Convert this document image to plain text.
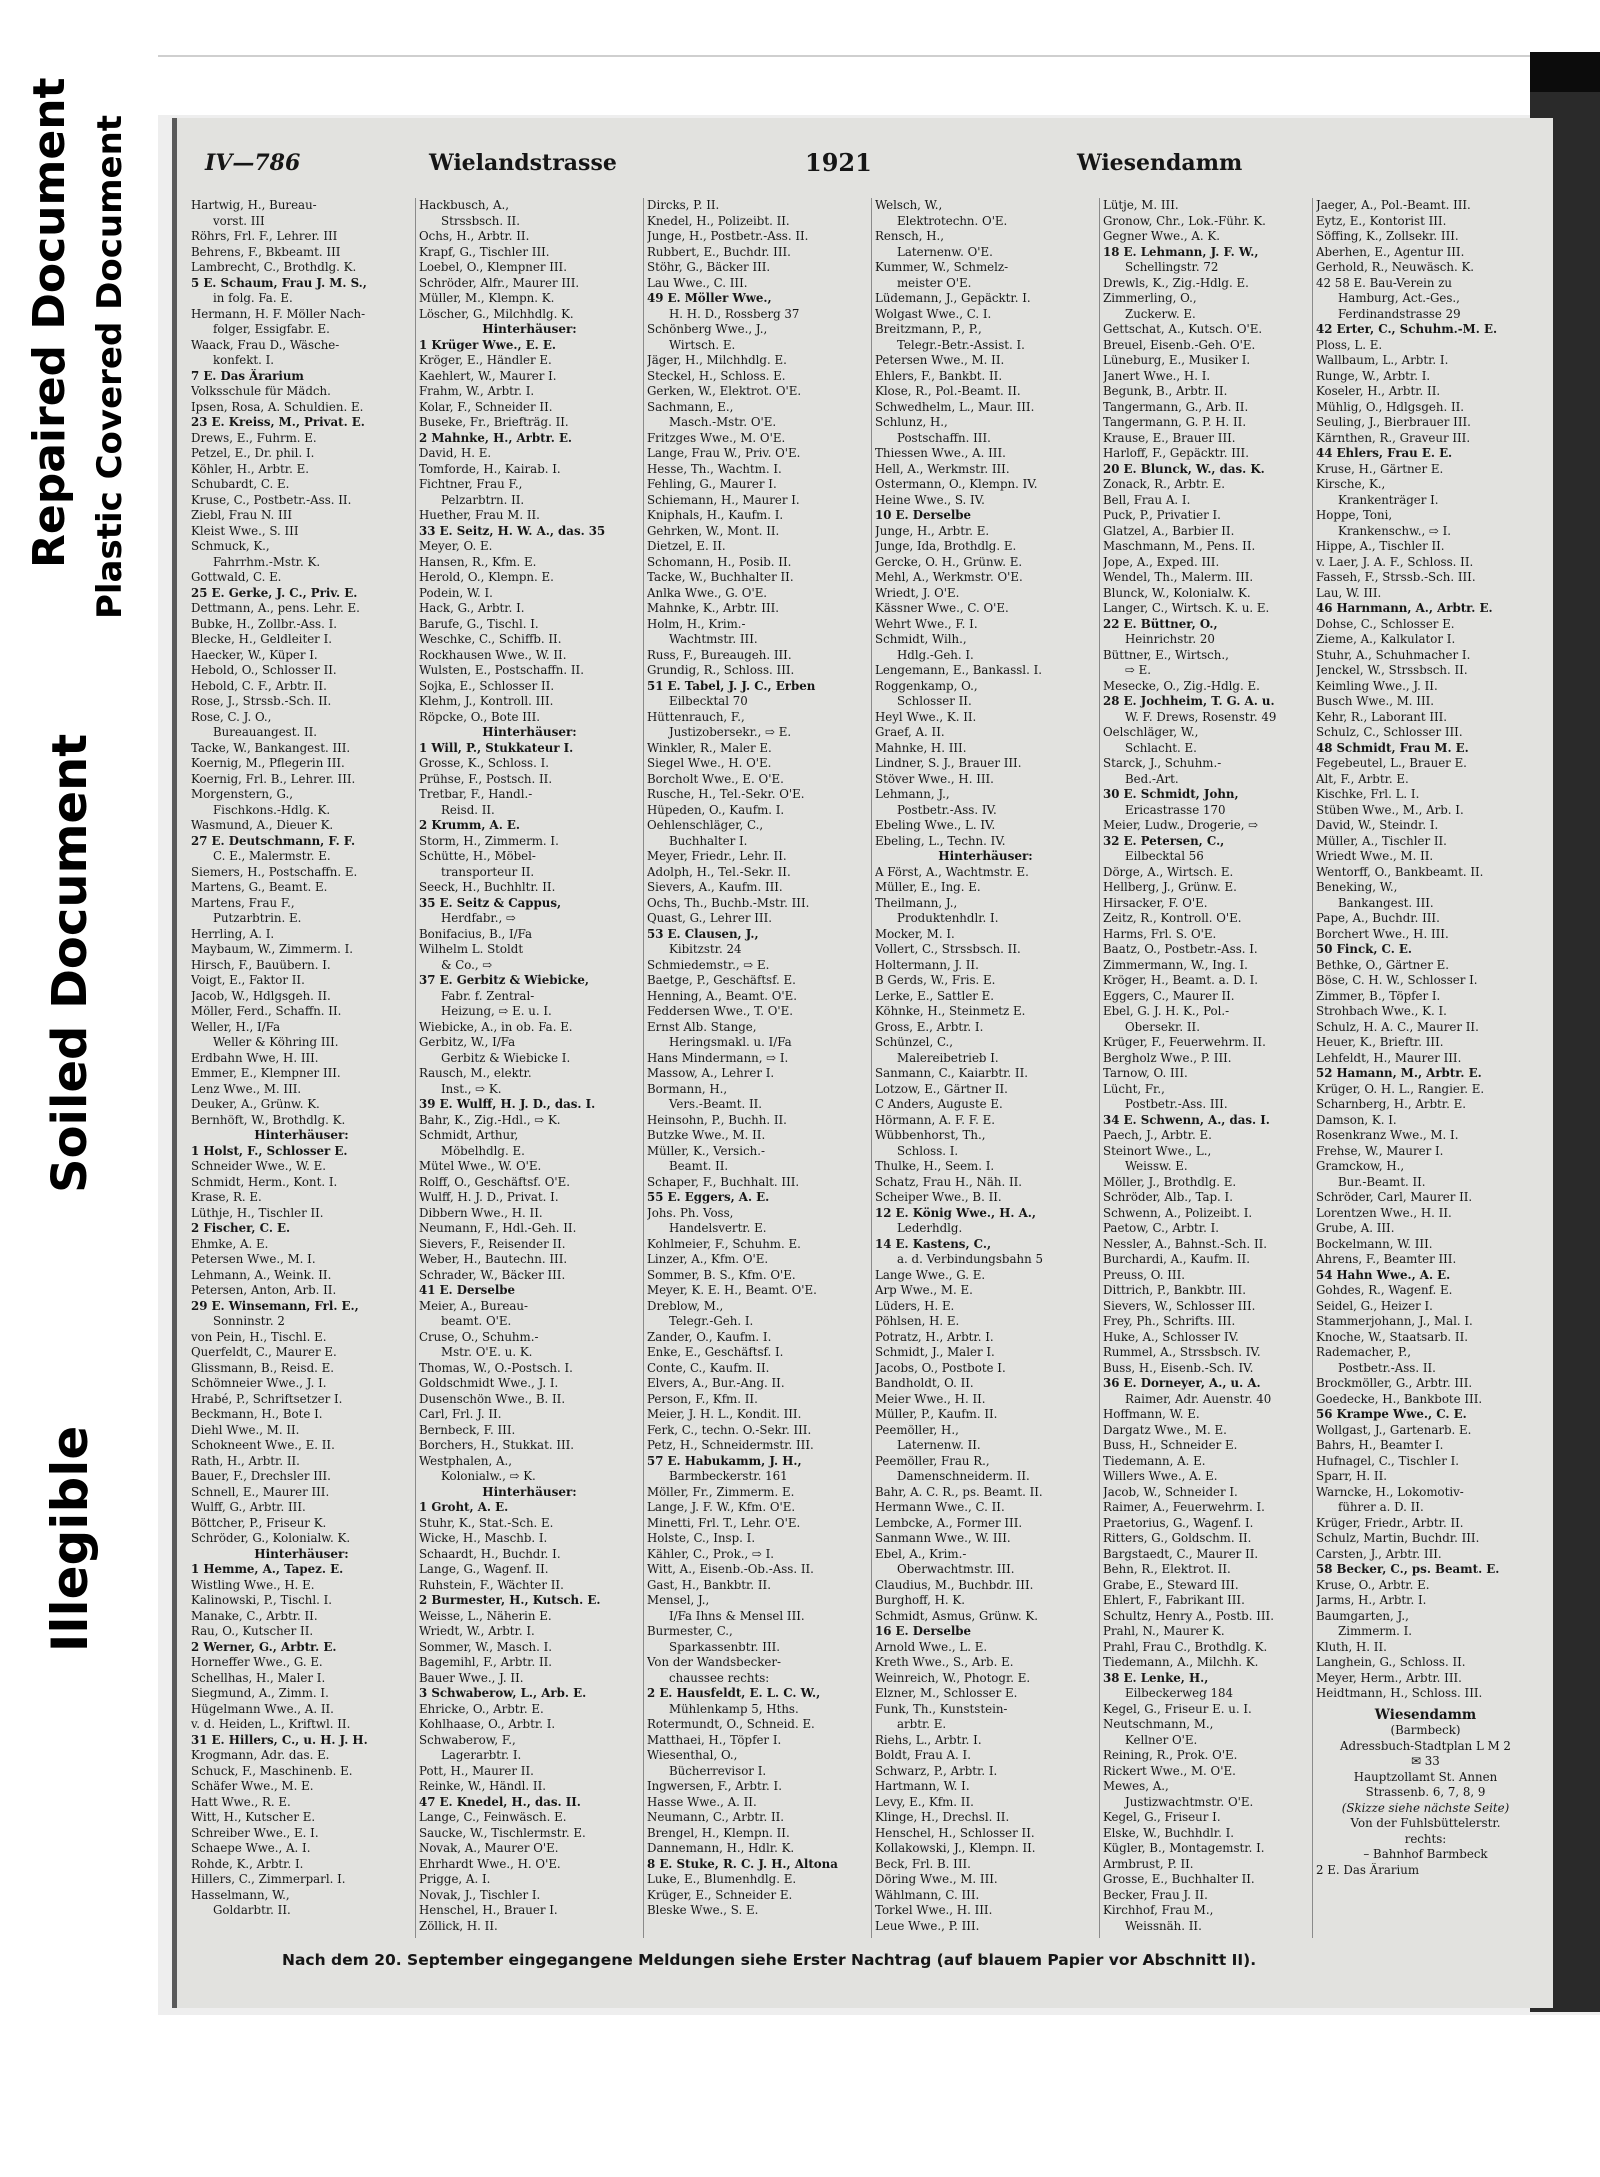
Repaired Document Plastic Covered Document
Soiled Document
Illegible
IV—786	Wielandstrasse	1921	Wiesendamm
Hartwig, H., Bureau-
vorst. III
Röhrs, Frl. F., Lehrer. III
Behrens, F., Bkbeamt. III
Lambrecht, C., Brothdlg. K.
5 E. Schaum, Frau J. M. S.,
in folg. Fa. E.
Hermann, H. F. Möller Nach-
folger, Essigfabr. E.
Waack, Frau D., Wäsche-
konfekt. I.
7 E. Das Ärarium
Volksschule für Mädch.
Ipsen, Rosa, A. Schuldien. E.
23 E. Kreiss, M., Privat. E.
Drews, E., Fuhrm. E.
Petzel, E., Dr. phil. I.
Köhler, H., Arbtr. E.
Schubardt, C. E.
Kruse, C., Postbetr.-Ass. II.
Ziebl, Frau N. III
Kleist Wwe., S. III
Schmuck, K.,
Fahrrhm.-Mstr. K.
Gottwald, C. E.
25 E. Gerke, J. C., Priv. E.
Dettmann, A., pens. Lehr. E.
Bubke, H., Zollbr.-Ass. I.
Blecke, H., Geldleiter I.
Haecker, W., Küper I.
Hebold, O., Schlosser II.
Hebold, C. F., Arbtr. II.
Rose, J., Strssb.-Sch. II.
Rose, C. J. O.,
Bureauangest. II.
Tacke, W., Bankangest. III.
Koernig, M., Pflegerin III.
Koernig, Frl. B., Lehrer. III.
Morgenstern, G.,
Fischkons.-Hdlg. K.
Wasmund, A., Dieuer K.
27 E. Deutschmann, F. F.
C. E., Malermstr. E.
Siemers, H., Postschaffn. E.
Martens, G., Beamt. E.
Martens, Frau F.,
Putzarbtrin. E.
Herrling, A. I.
Maybaum, W., Zimmerm. I.
Hirsch, F., Bauübern. I.
Voigt, E., Faktor II.
Jacob, W., Hdlgsgeh. II.
Möller, Ferd., Schaffn. II.
Weller, H., I/Fa
Weller & Köhring III.
Erdbahn Wwe, H. III.
Emmer, E., Klempner III.
Lenz Wwe., M. III.
Deuker, A., Grünw. K.
Bernhöft, W., Brothdlg. K.
Hinterhäuser:
1 Holst, F., Schlosser E.
Schneider Wwe., W. E.
Schmidt, Herm., Kont. I.
Krase, R. E.
Lüthje, H., Tischler II.
2 Fischer, C. E.
Ehmke, A. E.
Petersen Wwe., M. I.
Lehmann, A., Weink. II.
Petersen, Anton, Arb. II.
29 E. Winsemann, Frl. E.,
Sonninstr. 2
von Pein, H., Tischl. E.
Querfeldt, C., Maurer E.
Glissmann, B., Reisd. E.
Schömneier Wwe., J. I.
Hrabé, P., Schriftsetzer I.
Beckmann, H., Bote I.
Diehl Wwe., M. II.
Schokneent Wwe., E. II.
Rath, H., Arbtr. II.
Bauer, F., Drechsler III.
Schnell, E., Maurer III.
Wulff, G., Arbtr. III.
Böttcher, P., Friseur K.
Schröder, G., Kolonialw. K.
Hinterhäuser:
1 Hemme, A., Tapez. E.
Wistling Wwe., H. E.
Kalinowski, P., Tischl. I.
Manake, C., Arbtr. II.
Rau, O., Kutscher II.
2 Werner, G., Arbtr. E.
Horneffer Wwe., G. E.
Schellhas, H., Maler I.
Siegmund, A., Zimm. I.
Hügelmann Wwe., A. II.
v. d. Heiden, L., Kriftwl. II.
31 E. Hillers, C., u. H. J. H.
Krogmann, Adr. das. E.
Schuck, F., Maschinenb. E.
Schäfer Wwe., M. E.
Hatt Wwe., R. E.
Witt, H., Kutscher E.
Schreiber Wwe., E. I.
Schaepe Wwe., A. I.
Rohde, K., Arbtr. I.
Hillers, C., Zimmerparl. I.
Hasselmann, W.,
Goldarbtr. II.
Hackbusch, A.,
Strssbsch. II.
Ochs, H., Arbtr. II.
Krapf, G., Tischler III.
Loebel, O., Klempner III.
Schröder, Alfr., Maurer III.
Müller, M., Klempn. K.
Löscher, G., Milchhdlg. K.
Hinterhäuser:
1 Krüger Wwe., E. E.
Kröger, E., Händler E.
Kaehlert, W., Maurer I.
Frahm, W., Arbtr. I.
Kolar, F., Schneider II.
Buseke, Fr., Briefträg. II.
2 Mahnke, H., Arbtr. E.
David, H. E.
Tomforde, H., Kairab. I.
Fichtner, Frau F.,
Pelzarbtrn. II.
Huether, Frau M. II.
33 E. Seitz, H. W. A., das. 35
Meyer, O. E.
Hansen, R., Kfm. E.
Herold, O., Klempn. E.
Podein, W. I.
Hack, G., Arbtr. I.
Barufe, G., Tischl. I.
Weschke, C., Schiffb. II.
Rockhausen Wwe., W. II.
Wulsten, E., Postschaffn. II.
Sojka, E., Schlosser II.
Klehm, J., Kontroll. III.
Röpcke, O., Bote III.
Hinterhäuser:
1 Will, P., Stukkateur I.
Grosse, K., Schloss. I.
Prühse, F., Postsch. II.
Tretbar, F., Handl.-
Reisd. II.
2 Krumm, A. E.
Storm, H., Zimmerm. I.
Schütte, H., Möbel-
transporteur II.
Seeck, H., Buchhltr. II.
35 E. Seitz & Cappus,
Herdfabr., ⇨
Bonifacius, B., I/Fa
Wilhelm L. Stoldt
& Co., ⇨
37 E. Gerbitz & Wiebicke,
Fabr. f. Zentral-
Heizung, ⇨ E. u. I.
Wiebicke, A., in ob. Fa. E.
Gerbitz, W., I/Fa
Gerbitz & Wiebicke I.
Rausch, M., elektr.
Inst., ⇨ K.
39 E. Wulff, H. J. D., das. I.
Bahr, K., Zig.-Hdl., ⇨ K.
Schmidt, Arthur,
Möbelhdlg. E.
Mütel Wwe., W. O'E.
Rolff, O., Geschäftsf. O'E.
Wulff, H. J. D., Privat. I.
Dibbern Wwe., H. II.
Neumann, F., Hdl.-Geh. II.
Sievers, F., Reisender II.
Weber, H., Bautechn. III.
Schrader, W., Bäcker III.
41 E. Derselbe
Meier, A., Bureau-
beamt. O'E.
Cruse, O., Schuhm.-
Mstr. O'E. u. K.
Thomas, W., O.-Postsch. I.
Goldschmidt Wwe., J. I.
Dusenschön Wwe., B. II.
Carl, Frl. J. II.
Bernbeck, F. III.
Borchers, H., Stukkat. III.
Westphalen, A.,
Kolonialw., ⇨ K.
Hinterhäuser:
1 Groht, A. E.
Stuhr, K., Stat.-Sch. E.
Wicke, H., Maschb. I.
Schaardt, H., Buchdr. I.
Lange, G., Wagenf. II.
Ruhstein, F., Wächter II.
2 Burmester, H., Kutsch. E.
Weisse, L., Näherin E.
Wriedt, W., Arbtr. I.
Sommer, W., Masch. I.
Bagemihl, F., Arbtr. II.
Bauer Wwe., J. II.
3 Schwaberow, L., Arb. E.
Ehricke, O., Arbtr. E.
Kohlhaase, O., Arbtr. I.
Schwaberow, F.,
Lagerarbtr. I.
Pott, H., Maurer II.
Reinke, W., Händl. II.
47 E. Knedel, H., das. II.
Lange, C., Feinwäsch. E.
Saucke, W., Tischlermstr. E.
Novak, A., Maurer O'E.
Ehrhardt Wwe., H. O'E.
Prigge, A. I.
Novak, J., Tischler I.
Henschel, H., Brauer I.
Zöllick, H. II.
Dircks, P. II.
Knedel, H., Polizeibt. II.
Junge, H., Postbetr.-Ass. II.
Rubbert, E., Buchdr. III.
Stöhr, G., Bäcker III.
Lau Wwe., C. III.
49 E. Möller Wwe.,
H. H. D., Rossberg 37
Schönberg Wwe., J.,
Wirtsch. E.
Jäger, H., Milchhdlg. E.
Steckel, H., Schloss. E.
Gerken, W., Elektrot. O'E.
Sachmann, E.,
Masch.-Mstr. O'E.
Fritzges Wwe., M. O'E.
Lange, Frau W., Priv. O'E.
Hesse, Th., Wachtm. I.
Fehling, G., Maurer I.
Schiemann, H., Maurer I.
Kniphals, H., Kaufm. I.
Gehrken, W., Mont. II.
Dietzel, E. II.
Schomann, H., Posib. II.
Tacke, W., Buchhalter II.
Anlka Wwe., G. O'E.
Mahnke, K., Arbtr. III.
Holm, H., Krim.-
Wachtmstr. III.
Russ, F., Bureaugeh. III.
Grundig, R., Schloss. III.
51 E. Tabel, J. J. C., Erben
Eilbecktal 70
Hüttenrauch, F.,
Justizobersekr., ⇨ E.
Winkler, R., Maler E.
Siegel Wwe., H. O'E.
Borcholt Wwe., E. O'E.
Rusche, H., Tel.-Sekr. O'E.
Hüpeden, O., Kaufm. I.
Oehlenschläger, C.,
Buchhalter I.
Meyer, Friedr., Lehr. II.
Adolph, H., Tel.-Sekr. II.
Sievers, A., Kaufm. III.
Ochs, Th., Buchb.-Mstr. III.
Quast, G., Lehrer III.
53 E. Clausen, J.,
Kibitzstr. 24
Schmiedemstr., ⇨ E.
Baetge, P., Geschäftsf. E.
Henning, A., Beamt. O'E.
Feddersen Wwe., T. O'E.
Ernst Alb. Stange,
Heringsmakl. u. I/Fa
Hans Mindermann, ⇨ I.
Massow, A., Lehrer I.
Bormann, H.,
Vers.-Beamt. II.
Heinsohn, P., Buchh. II.
Butzke Wwe., M. II.
Müller, K., Versich.-
Beamt. II.
Schaper, F., Buchhalt. III.
55 E. Eggers, A. E.
Johs. Ph. Voss,
Handelsvertr. E.
Kohlmeier, F., Schuhm. E.
Linzer, A., Kfm. O'E.
Sommer, B. S., Kfm. O'E.
Meyer, K. E. H., Beamt. O'E.
Dreblow, M.,
Telegr.-Geh. I.
Zander, O., Kaufm. I.
Enke, E., Geschäftsf. I.
Conte, C., Kaufm. II.
Elvers, A., Bur.-Ang. II.
Person, F., Kfm. II.
Meier, J. H. L., Kondit. III.
Ferk, C., techn. O.-Sekr. III.
Petz, H., Schneidermstr. III.
57 E. Habukamm, J. H.,
Barmbeckerstr. 161
Möller, Fr., Zimmerm. E.
Lange, J. F. W., Kfm. O'E.
Minetti, Frl. T., Lehr. O'E.
Holste, C., Insp. I.
Kähler, C., Prok., ⇨ I.
Witt, A., Eisenb.-Ob.-Ass. II.
Gast, H., Bankbtr. II.
Mensel, J.,
I/Fa Ihns & Mensel III.
Burmester, C.,
Sparkassenbtr. III.
Von der Wandsbecker-
chaussee rechts:
2 E. Hausfeldt, E. L. C. W.,
Mühlenkamp 5, Hths.
Rotermundt, O., Schneid. E.
Matthaei, H., Töpfer I.
Wiesenthal, O.,
Bücherrevisor I.
Ingwersen, F., Arbtr. I.
Hasse Wwe., A. II.
Neumann, C., Arbtr. II.
Brengel, H., Klempn. II.
Dannemann, H., Hdlr. K.
8 E. Stuke, R. C. J. H., Altona
Luke, E., Blumenhdlg. E.
Krüger, E., Schneider E.
Bleske Wwe., S. E.
Welsch, W.,
Elektrotechn. O'E.
Rensch, H.,
Laternenw. O'E.
Kummer, W., Schmelz-
meister O'E.
Lüdemann, J., Gepäcktr. I.
Wolgast Wwe., C. I.
Breitzmann, P., P.,
Telegr.-Betr.-Assist. I.
Petersen Wwe., M. II.
Ehlers, F., Bankbt. II.
Klose, R., Pol.-Beamt. II.
Schwedhelm, L., Maur. III.
Schlunz, H.,
Postschaffn. III.
Thiessen Wwe., A. III.
Hell, A., Werkmstr. III.
Ostermann, O., Klempn. IV.
Heine Wwe., S. IV.
10 E. Derselbe
Junge, H., Arbtr. E.
Junge, Ida, Brothdlg. E.
Gercke, O. H., Grünw. E.
Mehl, A., Werkmstr. O'E.
Wriedt, J. O'E.
Kässner Wwe., C. O'E.
Wehrt Wwe., F. I.
Schmidt, Wilh.,
Hdlg.-Geh. I.
Lengemann, E., Bankassl. I.
Roggenkamp, O.,
Schlosser II.
Heyl Wwe., K. II.
Graef, A. II.
Mahnke, H. III.
Lindner, S. J., Brauer III.
Stöver Wwe., H. III.
Lehmann, J.,
Postbetr.-Ass. IV.
Ebeling Wwe., L. IV.
Ebeling, L., Techn. IV.
Hinterhäuser:
A Först, A., Wachtmstr. E.
Müller, E., Ing. E.
Theilmann, J.,
Produktenhdlr. I.
Mocker, M. I.
Vollert, C., Strssbsch. II.
Holtermann, J. II.
B Gerds, W., Fris. E.
Lerke, E., Sattler E.
Köhnke, H., Steinmetz E.
Gross, E., Arbtr. I.
Schünzel, C.,
Malereibetrieb I.
Sanmann, C., Kaiarbtr. II.
Lotzow, E., Gärtner II.
C Anders, Auguste E.
Hörmann, A. F. F. E.
Wübbenhorst, Th.,
Schloss. I.
Thulke, H., Seem. I.
Schatz, Frau H., Näh. II.
Scheiper Wwe., B. II.
12 E. König Wwe., H. A.,
Lederhdlg.
14 E. Kastens, C.,
a. d. Verbindungsbahn 5
Lange Wwe., G. E.
Arp Wwe., M. E.
Lüders, H. E.
Pöhlsen, H. E.
Potratz, H., Arbtr. I.
Schmidt, J., Maler I.
Jacobs, O., Postbote I.
Bandholdt, O. II.
Meier Wwe., H. II.
Müller, P., Kaufm. II.
Peemöller, H.,
Laternenw. II.
Peemöller, Frau R.,
Damenschneiderm. II.
Bahr, A. C. R., ps. Beamt. II.
Hermann Wwe., C. II.
Lembcke, A., Former III.
Sanmann Wwe., W. III.
Ebel, A., Krim.-
Oberwachtmstr. III.
Claudius, M., Buchbdr. III.
Burghoff, H. K.
Schmidt, Asmus, Grünw. K.
16 E. Derselbe
Arnold Wwe., L. E.
Kreth Wwe., S., Arb. E.
Weinreich, W., Photogr. E.
Elzner, M., Schlosser E.
Funk, Th., Kunststein-
arbtr. E.
Riehs, L., Arbtr. I.
Boldt, Frau A. I.
Schwarz, P., Arbtr. I.
Hartmann, W. I.
Levy, E., Kfm. II.
Klinge, H., Drechsl. II.
Henschel, H., Schlosser II.
Kollakowski, J., Klempn. II.
Beck, Frl. B. III.
Döring Wwe., M. III.
Wählmann, C. III.
Torkel Wwe., H. III.
Leue Wwe., P. III.
Lütje, M. III.
Gronow, Chr., Lok.-Führ. K.
Gegner Wwe., A. K.
18 E. Lehmann, J. F. W.,
Schellingstr. 72
Drewls, K., Zig.-Hdlg. E.
Zimmerling, O.,
Zuckerw. E.
Gettschat, A., Kutsch. O'E.
Breuel, Eisenb.-Geh. O'E.
Lüneburg, E., Musiker I.
Janert Wwe., H. I.
Begunk, B., Arbtr. II.
Tangermann, G., Arb. II.
Tangermann, G. P. H. II.
Krause, E., Brauer III.
Harloff, F., Gepäcktr. III.
20 E. Blunck, W., das. K.
Zonack, R., Arbtr. E.
Bell, Frau A. I.
Puck, P., Privatier I.
Glatzel, A., Barbier II.
Maschmann, M., Pens. II.
Jope, A., Exped. III.
Wendel, Th., Malerm. III.
Blunck, W., Kolonialw. K.
Langer, C., Wirtsch. K. u. E.
22 E. Büttner, O.,
Heinrichstr. 20
Büttner, E., Wirtsch.,
⇨ E.
Mesecke, O., Zig.-Hdlg. E.
28 E. Jochheim, T. G. A. u.
W. F. Drews, Rosenstr. 49
Oelschläger, W.,
Schlacht. E.
Starck, J., Schuhm.-
Bed.-Art.
30 E. Schmidt, John,
Ericastrasse 170
Meier, Ludw., Drogerie, ⇨
32 E. Petersen, C.,
Eilbecktal 56
Dörge, A., Wirtsch. E.
Hellberg, J., Grünw. E.
Hirsacker, F. O'E.
Zeitz, R., Kontroll. O'E.
Harms, Frl. S. O'E.
Baatz, O., Postbetr.-Ass. I.
Zimmermann, W., Ing. I.
Kröger, H., Beamt. a. D. I.
Eggers, C., Maurer II.
Ebel, G. J. H. K., Pol.-
Obersekr. II.
Krüger, F., Feuerwehrm. II.
Bergholz Wwe., P. III.
Tarnow, O. III.
Lücht, Fr.,
Postbetr.-Ass. III.
34 E. Schwenn, A., das. I.
Paech, J., Arbtr. E.
Steinort Wwe., L.,
Weissw. E.
Möller, J., Brothdlg. E.
Schröder, Alb., Tap. I.
Schwenn, A., Polizeibt. I.
Paetow, C., Arbtr. I.
Nessler, A., Bahnst.-Sch. II.
Burchardi, A., Kaufm. II.
Preuss, O. III.
Dittrich, P., Bankbtr. III.
Sievers, W., Schlosser III.
Frey, Ph., Schrifts. III.
Huke, A., Schlosser IV.
Rummel, A., Strssbsch. IV.
Buss, H., Eisenb.-Sch. IV.
36 E. Dorneyer, A., u. A.
Raimer, Adr. Auenstr. 40
Hoffmann, W. E.
Dargatz Wwe., M. E.
Buss, H., Schneider E.
Tiedemann, A. E.
Willers Wwe., A. E.
Jacob, W., Schneider I.
Raimer, A., Feuerwehrm. I.
Praetorius, G., Wagenf. I.
Ritters, G., Goldschm. II.
Bargstaedt, C., Maurer II.
Behn, R., Elektrot. II.
Grabe, E., Steward III.
Ehlert, F., Fabrikant III.
Schultz, Henry A., Postb. III.
Prahl, N., Maurer K.
Prahl, Frau C., Brothdlg. K.
Tiedemann, A., Milchh. K.
38 E. Lenke, H.,
Eilbeckerweg 184
Kegel, G., Friseur E. u. I.
Neutschmann, M.,
Kellner O'E.
Reining, R., Prok. O'E.
Rickert Wwe., M. O'E.
Mewes, A.,
Justizwachtmstr. O'E.
Kegel, G., Friseur I.
Elske, W., Buchhdlr. I.
Kügler, B., Montagemstr. I.
Armbrust, P. II.
Grosse, E., Buchhalter II.
Becker, Frau J. II.
Kirchhof, Frau M.,
Weissnäh. II.
Jaeger, A., Pol.-Beamt. III.
Eytz, E., Kontorist III.
Söffing, K., Zollsekr. III.
Aberhen, E., Agentur III.
Gerhold, R., Neuwäsch. K.
42 58 E. Bau-Verein zu
Hamburg, Act.-Ges.,
Ferdinandstrasse 29
42 Erter, C., Schuhm.-M. E.
Ploss, L. E.
Wallbaum, L., Arbtr. I.
Runge, W., Arbtr. I.
Koseler, H., Arbtr. II.
Mühlig, O., Hdlgsgeh. II.
Seuling, J., Bierbrauer III.
Kärnthen, R., Graveur III.
44 Ehlers, Frau E. E.
Kruse, H., Gärtner E.
Kirsche, K.,
Krankenträger I.
Hoppe, Toni,
Krankenschw., ⇨ I.
Hippe, A., Tischler II.
v. Laer, J. A. F., Schloss. II.
Fasseh, F., Strssb.-Sch. III.
Lau, W. III.
46 Harnmann, A., Arbtr. E.
Dohse, C., Schlosser E.
Zieme, A., Kalkulator I.
Stuhr, A., Schuhmacher I.
Jenckel, W., Strssbsch. II.
Keimling Wwe., J. II.
Busch Wwe., M. III.
Kehr, R., Laborant III.
Schulz, C., Schlosser III.
48 Schmidt, Frau M. E.
Fegebeutel, L., Brauer E.
Alt, F., Arbtr. E.
Kischke, Frl. L. I.
Stüben Wwe., M., Arb. I.
David, W., Steindr. I.
Müller, A., Tischler II.
Wriedt Wwe., M. II.
Wentorff, O., Bankbeamt. II.
Beneking, W.,
Bankangest. III.
Pape, A., Buchdr. III.
Borchert Wwe., H. III.
50 Finck, C. E.
Bethke, O., Gärtner E.
Böse, C. H. W., Schlosser I.
Zimmer, B., Töpfer I.
Strohbach Wwe., K. I.
Schulz, H. A. C., Maurer II.
Heuer, K., Brieftr. III.
Lehfeldt, H., Maurer III.
52 Hamann, M., Arbtr. E.
Krüger, O. H. L., Rangier. E.
Scharnberg, H., Arbtr. E.
Damson, K. I.
Rosenkranz Wwe., M. I.
Frehse, W., Maurer I.
Gramckow, H.,
Bur.-Beamt. II.
Schröder, Carl, Maurer II.
Lorentzen Wwe., H. II.
Grube, A. III.
Bockelmann, W. III.
Ahrens, F., Beamter III.
54 Hahn Wwe., A. E.
Gohdes, R., Wagenf. E.
Seidel, G., Heizer I.
Stammerjohann, J., Mal. I.
Knoche, W., Staatsarb. II.
Rademacher, P.,
Postbetr.-Ass. II.
Brockmöller, G., Arbtr. III.
Goedecke, H., Bankbote III.
56 Krampe Wwe., C. E.
Wollgast, J., Gartenarb. E.
Bahrs, H., Beamter I.
Hufnagel, C., Tischler I.
Sparr, H. II.
Warncke, H., Lokomotiv-
führer a. D. II.
Krüger, Friedr., Arbtr. II.
Schulz, Martin, Buchdr. III.
Carsten, J., Arbtr. III.
58 Becker, C., ps. Beamt. E.
Kruse, O., Arbtr. E.
Jarms, H., Arbtr. I.
Baumgarten, J.,
Zimmerm. I.
Kluth, H. II.
Langhein, G., Schloss. II.
Meyer, Herm., Arbtr. III.
Heidtmann, H., Schloss. III.
Wiesendamm
(Barmbeck)
Adressbuch-Stadtplan L M 2
✉ 33
Hauptzollamt St. Annen
Strassenb. 6, 7, 8, 9
(Skizze siehe nächste Seite)
Von der Fuhlsbüttelerstr.
rechts:
– Bahnhof Barmbeck
2 E. Das Ärarium
Nach dem 20. September eingegangene Meldungen siehe Erster Nachtrag (auf blauem Papier vor Abschnitt II).
